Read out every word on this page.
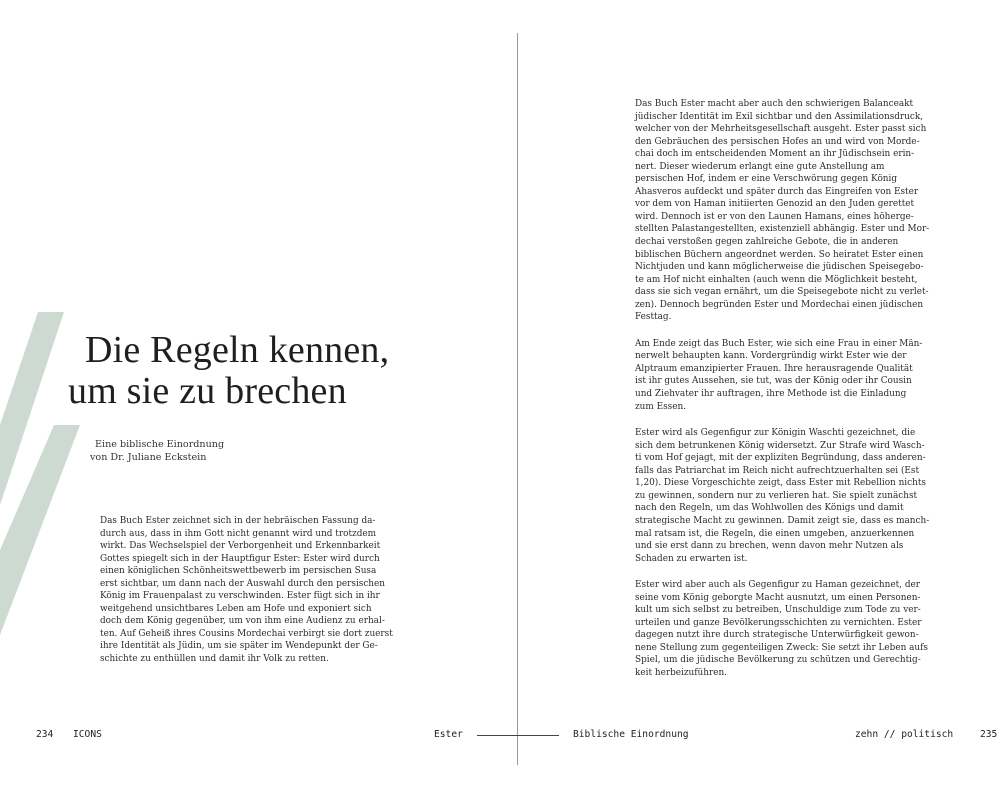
Die Regeln kennen,
um sie zu brechen
Eine biblische Einordnung
von Dr. Juliane Eckstein

Das Buch Ester zeichnet sich in der hebräischen Fassung da-
durch aus, dass in ihm Gott nicht genannt wird und trotzdem
wirkt. Das Wechselspiel der Verborgenheit und Erkennbarkeit
Gottes spiegelt sich in der Hauptfigur Ester: Ester wird durch
einen königlichen Schönheitswettbewerb im persischen Susa
erst sichtbar, um dann nach der Auswahl durch den persischen
König im Frauenpalast zu verschwinden. Ester fügt sich in ihr
weitgehend unsichtbares Leben am Hofe und exponiert sich
doch dem König gegenüber, um von ihm eine Audienz zu erhal-
ten. Auf Geheiß ihres Cousins Mordechai verbirgt sie dort zuerst
ihre Identität als Jüdin, um sie später im Wendepunkt der Ge-
schichte zu enthüllen und damit ihr Volk zu retten.

Das Buch Ester macht aber auch den schwierigen Balanceakt
jüdischer Identität im Exil sichtbar und den Assimilationsdruck,
welcher von der Mehrheitsgesellschaft ausgeht. Ester passt sich
den Gebräuchen des persischen Hofes an und wird von Morde-
chai doch im entscheidenden Moment an ihr Jüdischsein erin-
nert. Dieser wiederum erlangt eine gute Anstellung am
persischen Hof, indem er eine Verschwörung gegen König
Ahasveros aufdeckt und später durch das Eingreifen von Ester
vor dem von Haman initiierten Genozid an den Juden gerettet
wird. Dennoch ist er von den Launen Hamans, eines höherge-
stellten Palastangestellten, existenziell abhängig. Ester und Mor-
dechai verstoßen gegen zahlreiche Gebote, die in anderen
biblischen Büchern angeordnet werden. So heiratet Ester einen
Nichtjuden und kann möglicherweise die jüdischen Speisegebo-
te am Hof nicht einhalten (auch wenn die Möglichkeit besteht,
dass sie sich vegan ernährt, um die Speisegebote nicht zu verlet-
zen). Dennoch begründen Ester und Mordechai einen jüdischen
Festtag.

Am Ende zeigt das Buch Ester, wie sich eine Frau in einer Män-
nerwelt behaupten kann. Vordergründig wirkt Ester wie der
Alptraum emanzipierter Frauen. Ihre herausragende Qualität
ist ihr gutes Aussehen, sie tut, was der König oder ihr Cousin
und Ziehvater ihr auftragen, ihre Methode ist die Einladung
zum Essen.

Ester wird als Gegenfigur zur Königin Waschti gezeichnet, die
sich dem betrunkenen König widersetzt. Zur Strafe wird Wasch-
ti vom Hof gejagt, mit der expliziten Begründung, dass anderen-
falls das Patriarchat im Reich nicht aufrechtzuerhalten sei (Est
1,20). Diese Vorgeschichte zeigt, dass Ester mit Rebellion nichts
zu gewinnen, sondern nur zu verlieren hat. Sie spielt zunächst
nach den Regeln, um das Wohlwollen des Königs und damit
strategische Macht zu gewinnen. Damit zeigt sie, dass es manch-
mal ratsam ist, die Regeln, die einen umgeben, anzuerkennen
und sie erst dann zu brechen, wenn davon mehr Nutzen als
Schaden zu erwarten ist.

Ester wird aber auch als Gegenfigur zu Haman gezeichnet, der
seine vom König geborgte Macht ausnutzt, um einen Personen-
kult um sich selbst zu betreiben, Unschuldige zum Tode zu ver-
urteilen und ganze Bevölkerungsschichten zu vernichten. Ester
dagegen nutzt ihre durch strategische Unterwürfigkeit gewon-
nene Stellung zum gegenteiligen Zweck: Sie setzt ihr Leben aufs
Spiel, um die jüdische Bevölkerung zu schützen und Gerechtig-
keit herbeizuführen.

234 ICONS	Ester	Biblische Einordnung	zehn // politisch	235
